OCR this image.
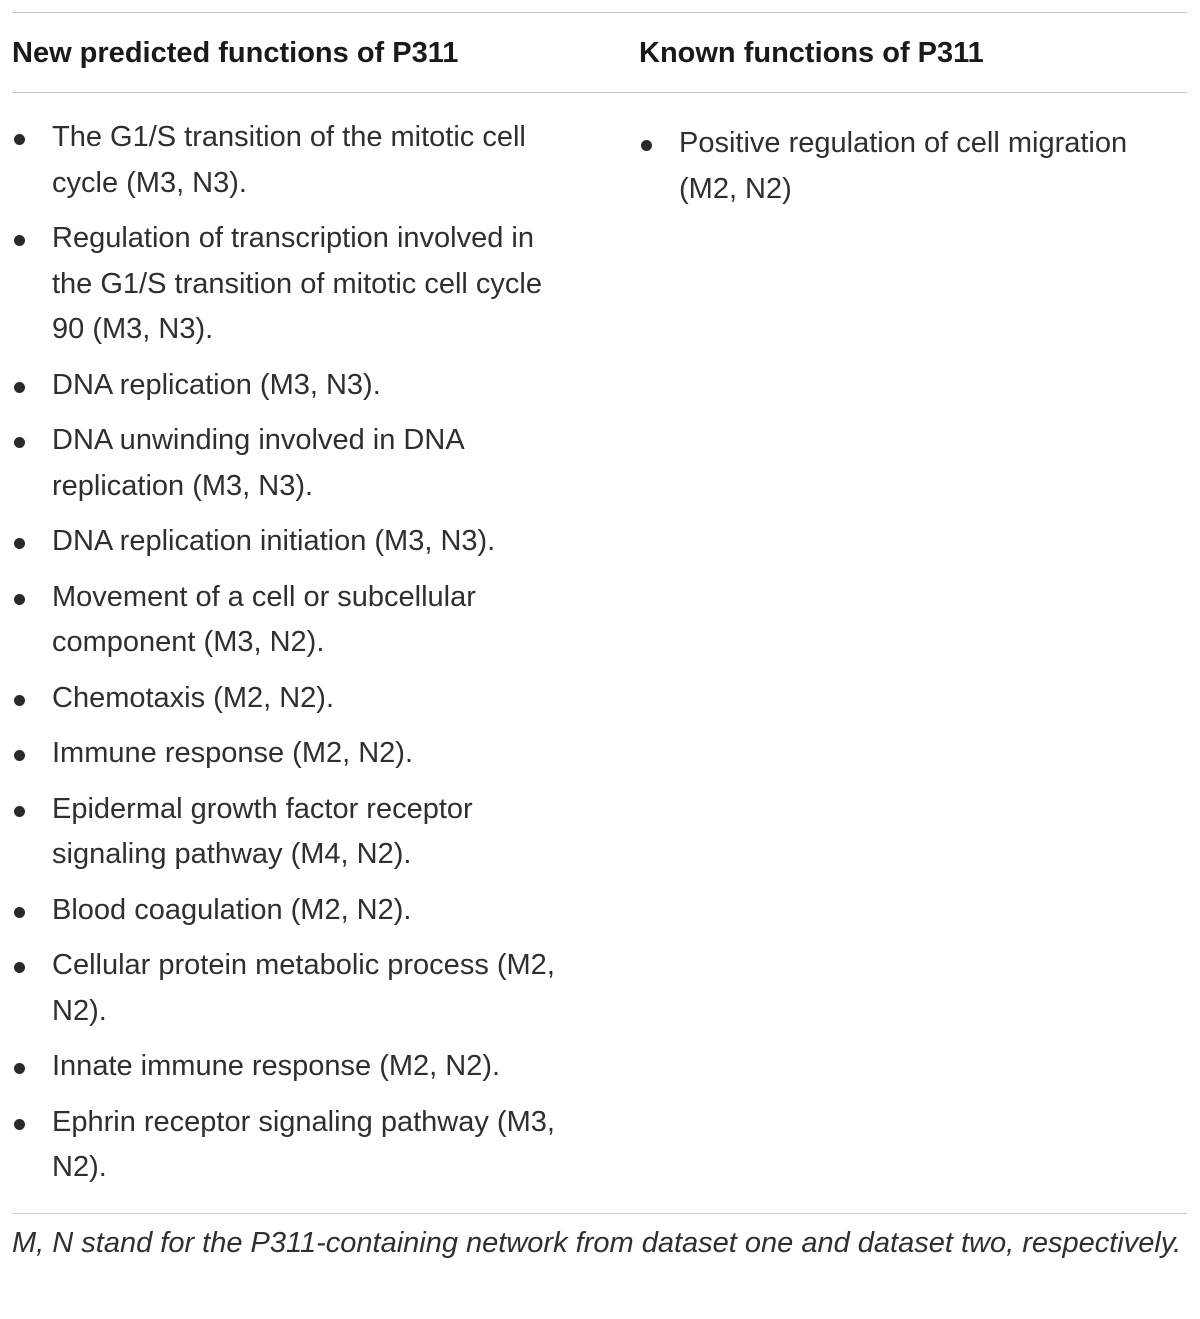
New predicted functions of P311	Known functions of P311
The G1/S transition of the mitotic cell cycle (M3, N3).
Regulation of transcription involved in the G1/S transition of mitotic cell cycle 90 (M3, N3).
DNA replication (M3, N3).
DNA unwinding involved in DNA replication (M3, N3).
DNA replication initiation (M3, N3).
Movement of a cell or subcellular component (M3, N2).
Chemotaxis (M2, N2).
Immune response (M2, N2).
Epidermal growth factor receptor signaling pathway (M4, N2).
Blood coagulation (M2, N2).
Cellular protein metabolic process (M2, N2).
Innate immune response (M2, N2).
Ephrin receptor signaling pathway (M3, N2).
Positive regulation of cell migration (M2, N2)
M, N stand for the P311-containing network from dataset one and dataset two, respectively.
